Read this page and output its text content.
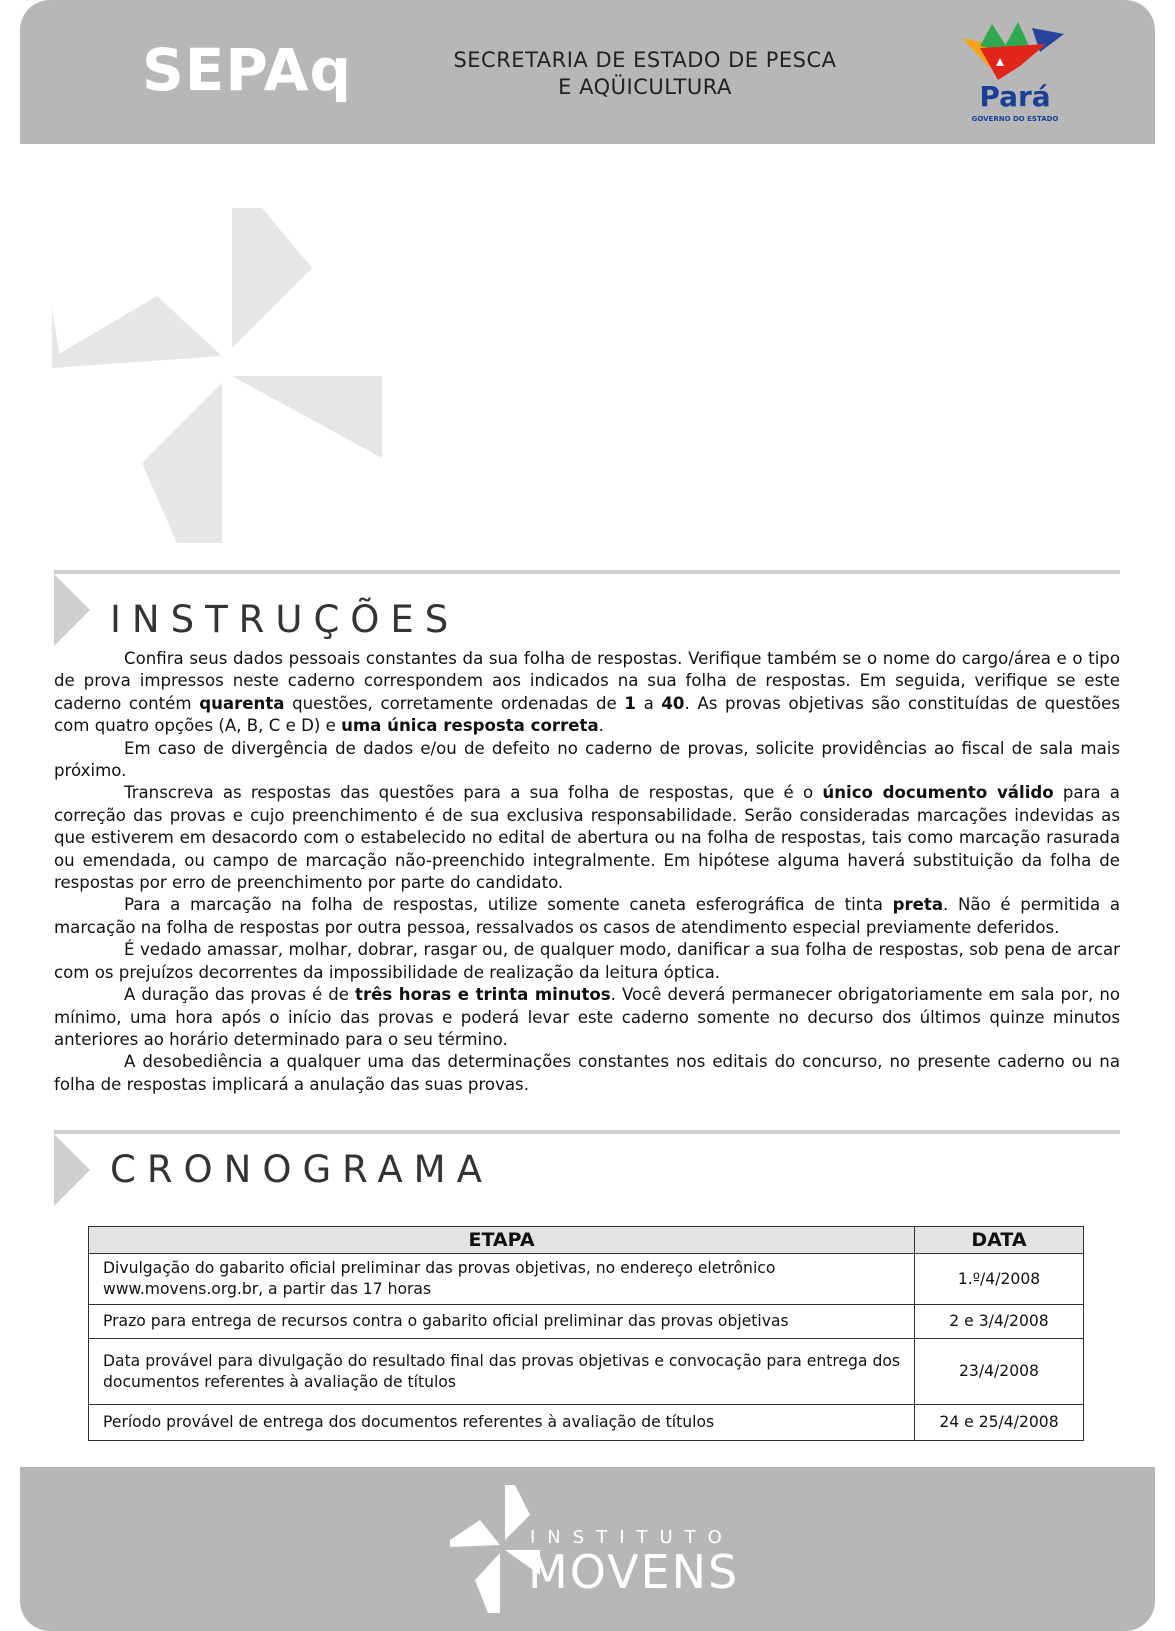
SEPAq	SECRETARIA DE ESTADO DE PESCA
E AQÜICULTURA	Pará
GOVERNO DO ESTADO
INSTRUÇÕES

Confira seus dados pessoais constantes da sua folha de respostas. Verifique também se o nome do cargo/área e o tipo de prova impressos neste caderno correspondem aos indicados na sua folha de respostas. Em seguida, verifique se este caderno contém quarenta questões, corretamente ordenadas de 1 a 40. As provas objetivas são constituídas de questões com quatro opções (A, B, C e D) e uma única resposta correta.

Em caso de divergência de dados e/ou de defeito no caderno de provas, solicite providências ao fiscal de sala mais próximo.

Transcreva as respostas das questões para a sua folha de respostas, que é o único documento válido para a correção das provas e cujo preenchimento é de sua exclusiva responsabilidade. Serão consideradas marcações indevidas as que estiverem em desacordo com o estabelecido no edital de abertura ou na folha de respostas, tais como marcação rasurada ou emendada, ou campo de marcação não-preenchido integralmente. Em hipótese alguma haverá substituição da folha de respostas por erro de preenchimento por parte do candidato.

Para a marcação na folha de respostas, utilize somente caneta esferográfica de tinta preta. Não é permitida a marcação na folha de respostas por outra pessoa, ressalvados os casos de atendimento especial previamente deferidos.

É vedado amassar, molhar, dobrar, rasgar ou, de qualquer modo, danificar a sua folha de respostas, sob pena de arcar com os prejuízos decorrentes da impossibilidade de realização da leitura óptica.

A duração das provas é de três horas e trinta minutos. Você deverá permanecer obrigatoriamente em sala por, no mínimo, uma hora após o início das provas e poderá levar este caderno somente no decurso dos últimos quinze minutos anteriores ao horário determinado para o seu término.

A desobediência a qualquer uma das determinações constantes nos editais do concurso, no presente caderno ou na folha de respostas implicará a anulação das suas provas.

CRONOGRAMA
ETAPA	DATA
Divulgação do gabarito oficial preliminar das provas objetivas, no endereço eletrônico www.movens.org.br, a partir das 17 horas	1.º/4/2008
Prazo para entrega de recursos contra o gabarito oficial preliminar das provas objetivas	2 e 3/4/2008
Data provável para divulgação do resultado final das provas objetivas e convocação para entrega dos documentos referentes à avaliação de títulos	23/4/2008
Período provável de entrega dos documentos referentes à avaliação de títulos	24 e 25/4/2008
INSTITUTO
MOVENS
